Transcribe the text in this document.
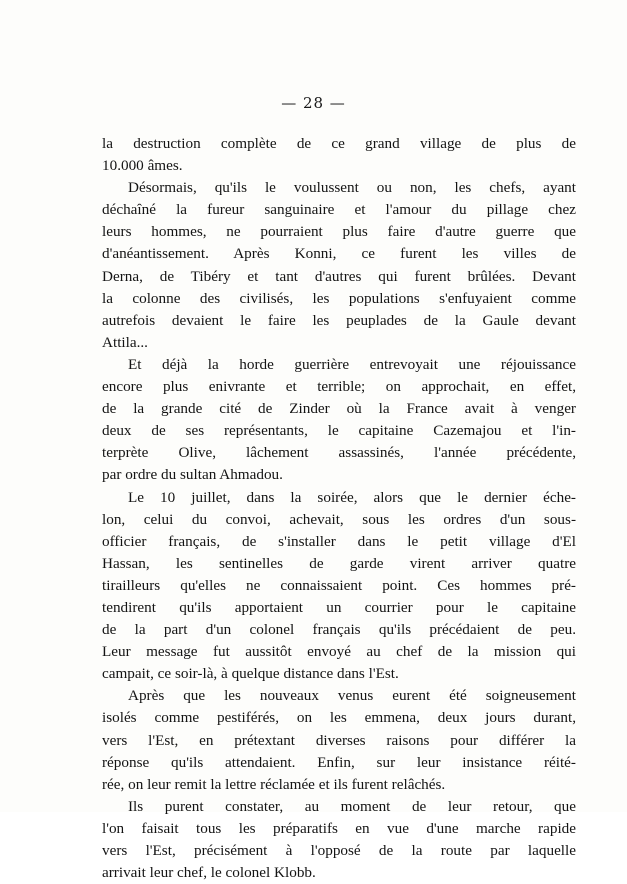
— 28 —
la destruction complète de ce grand village de plus de
10.000 âmes.
Désormais, qu'ils le voulussent ou non, les chefs, ayant
déchaîné la fureur sanguinaire et l'amour du pillage chez
leurs hommes, ne pourraient plus faire d'autre guerre que
d'anéantissement. Après Konni, ce furent les villes de
Derna, de Tibéry et tant d'autres qui furent brûlées. Devant
la colonne des civilisés, les populations s'enfuyaient comme
autrefois devaient le faire les peuplades de la Gaule devant
Attila...
Et déjà la horde guerrière entrevoyait une réjouissance
encore plus enivrante et terrible; on approchait, en effet,
de la grande cité de Zinder où la France avait à venger
deux de ses représentants, le capitaine Cazemajou et l'in-
terprète Olive, lâchement assassinés, l'année précédente,
par ordre du sultan Ahmadou.
Le 10 juillet, dans la soirée, alors que le dernier éche-
lon, celui du convoi, achevait, sous les ordres d'un sous-
officier français, de s'installer dans le petit village d'El
Hassan, les sentinelles de garde virent arriver quatre
tirailleurs qu'elles ne connaissaient point. Ces hommes pré-
tendirent qu'ils apportaient un courrier pour le capitaine
de la part d'un colonel français qu'ils précédaient de peu.
Leur message fut aussitôt envoyé au chef de la mission qui
campait, ce soir-là, à quelque distance dans l'Est.
Après que les nouveaux venus eurent été soigneusement
isolés comme pestiférés, on les emmena, deux jours durant,
vers l'Est, en prétextant diverses raisons pour différer la
réponse qu'ils attendaient. Enfin, sur leur insistance réité-
rée, on leur remit la lettre réclamée et ils furent relâchés.
Ils purent constater, au moment de leur retour, que
l'on faisait tous les préparatifs en vue d'une marche rapide
vers l'Est, précisément à l'opposé de la route par laquelle
arrivait leur chef, le colonel Klobb.
